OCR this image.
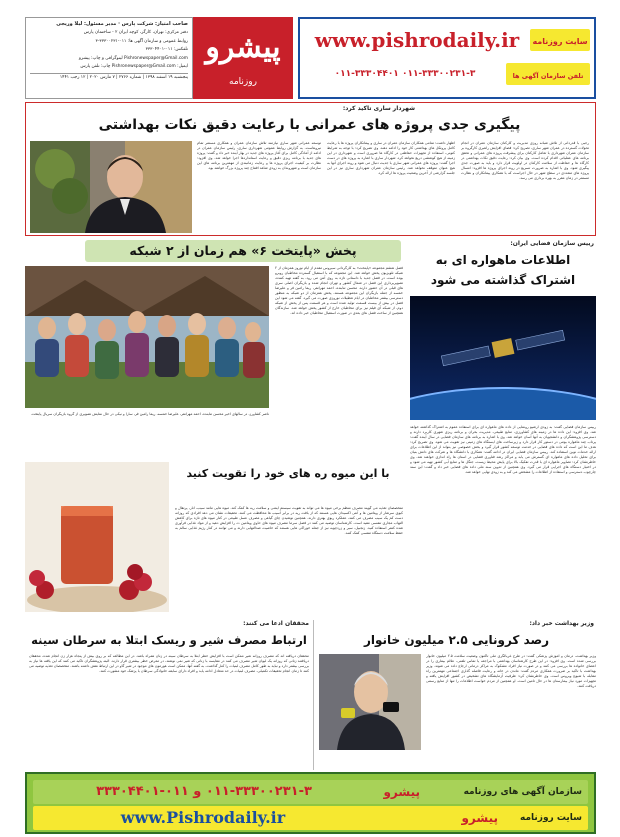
صاحب امتیاز: شرکت پارس · مدیر مسئول: لیلا وریجی
دفتر مرکزی: تهران، کارگر، کوچه ایران ۲ - ساختمان پارس
روابط عمومی و سازمان آگهی ها: ۰۱۱-۳۳۳۰۰۲۳۱-۳
تلفکس: ۰۱۱-۳۳۳۰۴۴۰۱
Pishronewspaper@Gmail.com لیتوگرافی و چاپ: پیشرو
ایمیل: Pishronewspaper@Gmail.com چاپ: تلفن پارس
پنجشنبه ۱۹ اسفند ۱۳۹۸ | شماره ۲۷۶۶ | ۷ مارس ۲۰۲۰ | ۱۲ رجب ۱۴۴۱
پیشرو
روزنامه
سایت روزنامه
www.pishrodaily.ir
تلفن سازمان آگهی ها
۰۱۱-۳۳۳۰۰۲۳۱-۳ ۰۱۱-۳۳۳۰۴۴۰۱
شهردار ساری تاکید کرد:
پیگیری جدی پروژه های عمرانی با رعایت دقیق نکات بهداشتی
رجبی با قدردانی از تلاش شبانه روزی مدیریت و کارکنان سازمان عمران در انجام تحولات گسترده در عمران شهر ساری، تصریح کرد: فضای افزایش راهبری کارگروه بر سازمان عمران شهرداری با تعامل کارکنان برای پیشرفت پروژه های عمرانی و تحقق برنامه های عملیاتی اقدام کرده است. وی بیان کرد: رعایت دقیق نکات بهداشتی در کارگاه ها و حفاظت از سلامت کارکنان در اولویت قرار دارد و باید به صورت جدی پیگیری شود. وی با اشاره به ضرورت تسریع در روند اجرای پروژه ها افزود: امسال پروژه های متعددی در سطح شهر در حال اجراست که با همکاری پیمانکاران و نظارت مستمر در زمان مقرر به بهره برداری می رسد.
اظهار داشت: تمامی همکاران سازمان عمران در ساری و پیمانکاران پروژه ها با رعایت کامل پروتکل های بهداشتی کار خود را ادامه دهند. وی تصریح کرد: با توجه به شرایط کنونی، استفاده از تجهیزات حفاظتی در کارگاه ها ضروری است و شهرداری در این زمینه از هیچ کوششی دریغ نخواهد کرد. شهردار ساری با اشاره به پروژه های در دست اجرا گفت: پروژه های عمرانی شهر ساری با جدیت دنبال می شود و روند اجرای آنها به هیچ عنوان متوقف نخواهد شد. رئیس سازمان عمران شهرداری ساری نیز در این جلسه گزارشی از آخرین وضعیت پروژه ها ارائه کرد.
توسعه عمرانی شهر ساری نیازمند تلاش سازمان عمران و همکاری مستمر تمام نیروهاست. به گزارش روابط عمومی شهرداری ساری، رئیس سازمان عمران در ادامه از آمادگی کامل برای آغاز پروژه های جدید در بهار آینده خبر داد و گفت: پروژه های جدید با برنامه ریزی دقیق و رعایت استانداردها اجرا خواهد شد. وی افزود: نظارت بر کیفیت اجرای پروژه ها و رعایت زمانبندی از مهمترین برنامه های این سازمان است و شهروندان به زودی شاهد افتتاح چند پروژه بزرگ خواهند بود.
پخش «پایتخت ۶» هم زمان از ۲ شبکه
فصل ششم مجموعه «پایتخت» به کارگردانی سیروس مقدم از ایام نوروز همزمان از ۲ شبکه تلویزیون پخش خواهد شد. این مجموعه که با استقبال گسترده مخاطبان روبرو بوده است، در فصل جدید با داستانی تازه به روی آنتن می رود. به گفته تهیه کننده، تصویربرداری این فصل در شمال کشور و تهران انجام شده و بازیگران اصلی سری های قبلی در آن حضور دارند. محسن تنابنده، احمد مهرانفر، ریما رامین فر و علیرضا خمسه از جمله بازیگران این مجموعه هستند. پخش همزمان از دو شبکه به منظور دسترسی بیشتر مخاطبان در ایام تعطیلات نوروزی صورت می گیرد. گفته می شود این فصل در بیش از بیست قسمت تولید شده است و هر قسمت پس از پخش از شبکه دوم، از شبکه آی فیلم نیز برای مخاطبان خارج از کشور پخش خواهد شد. سازندگان همچنین از ساخت فصل های بعدی در صورت استقبال مخاطبان خبر داده اند.
ناصر کشاورز، در سالهای اخیر محسن تنابنده، احمد مهرانفر، علیرضا خمسه، ریما رامین فر، سارا و نیکی در حال نمایش تصویری از گروه بازیگران سریال پایتخت
رییس سازمان فضایی ایران:
اطلاعات ماهواره ای به اشتراک گذاشته می شود
رییس سازمان فضایی گفت: به زودی آرشیو رونمایی از داده های ماهواره ای برای استفاده عموم به اشتراک گذاشته خواهد شد. وی افزود: این داده ها در زمینه های کشاورزی، منابع طبیعی، مدیریت بحران و برنامه ریزی شهری کاربرد دارند و دسترسی پژوهشگران و دانشجویان به آنها آسان خواهد شد. وی با اشاره به برنامه های سازمان فضایی در سال آینده گفت: پرتاب چند ماهواره بومی در دستور کار قرار دارد و زیرساخت های ایستگاه های زمینی نیز تقویت می شود. وی تصریح کرد: هدف ما این است که داده های فضایی در خدمت توسعه کشور قرار گیرد و بخش خصوصی نیز بتواند از این اطلاعات برای ارائه خدمات نوین استفاده کند. رییس سازمان فضایی ایران در ادامه گفت: همکاری با دانشگاه ها و شرکت های دانش بنیان برای تحلیل داده های ماهواره ای گسترش می یابد و مراکز رشد فناوری فضایی در استان ها راه اندازی خواهند شد. وی خاطرنشان کرد: تصاویر ماهواره ای با قدرت تفکیک بالا برای پایش محیط زیست، جنگل ها و منابع آبی کشور تهیه می شود و در اختیار دستگاه های اجرایی قرار می گیرد. وی همچنین از تدوین سند ملی داده های فضایی خبر داد و گفت: این سند چارچوب دسترسی و استفاده از اطلاعات را مشخص می کند و به زودی نهایی خواهد شد.
با این میوه ره های خود را تقویت کنید
متخصصان تغذیه می گویند مصرف منظم برخی میوه ها می تواند به تقویت سیستم ایمنی و سلامت ریه ها کمک کند. میوه هایی مانند سیب، انار، پرتقال و کیوی سرشار از ویتامین ها و آنتی اکسیدان هایی هستند که از بافت ریه در برابر آسیب ها محافظت می کنند. تحقیقات نشان می دهد افرادی که روزانه دست کم یک سیب مصرف می کنند، عملکرد ریوی بهتری دارند. همچنین نوشیدن چای گیاهی و مصرف عسل طبیعی در کنار میوه های تازه برای کاهش التهاب مجاری تنفسی مفید است. کارشناسان توصیه می کنند در فصل سرما مصرف میوه های حاوی ویتامین ث را افزایش دهید و از مواد غذایی فرآوری شده کمتر استفاده کنید. زنجبیل، سیر و زردچوبه نیز از جمله خوراکی هایی هستند که خاصیت ضدالتهابی دارند و می توانند در کنار رژیم غذایی سالم به حفظ سلامت دستگاه تنفسی کمک کنند.
وزیر بهداشت خبر داد:
رصد کرونایی ۲.۵ میلیون خانوار
وزیر بهداشت، درمان و آموزش پزشکی گفت: در طرح غربالگری ملی تاکنون وضعیت سلامت ۲.۵ میلیون خانوار بررسی شده است. وی افزود: در این طرح کارشناسان بهداشتی با مراجعه یا تماس تلفنی، علائم بیماری را در اعضای خانواده ها بررسی می کنند و در صورت نیاز افراد مشکوک به مراکز درمانی ارجاع داده می شوند. وزیر بهداشت با تاکید بر ضرورت همکاری مردم گفت: ماندن در خانه و رعایت فاصله گذاری اجتماعی مهمترین راه مقابله با شیوع ویروس است. وی خاطرنشان کرد: ظرفیت آزمایشگاه های تشخیص در کشور افزایش یافته و تجهیزات مورد نیاز بیمارستان ها در حال تامین است. او همچنین از مردم خواست اطلاعات را تنها از منابع رسمی دریافت کنند.
محققان ادعا می کنند:
ارتباط مصرف شیر و ریسک ابتلا به سرطان سینه
محققان دریافته اند که مصرف روزانه شیر ممکن است با افزایش خطر ابتلا به سرطان سینه در زنان همراه باشد. در این مطالعه که بر روی بیش از پنجاه هزار زن انجام شده، محققان دریافتند زنانی که روزانه یک لیوان شیر مصرف می کنند در مقایسه با زنانی که شیر نمی نوشند، در معرض خطر بیشتری قرار دارند. البته پژوهشگران تاکید می کنند که این یافته ها نیاز به بررسی بیشتر دارد و نباید به طور کامل مصرف لبنیات را کنار گذاشت. به گفته آنها، ممکن است هورمون های موجود در شیر گاو در این ارتباط نقش داشته باشند. متخصصان تغذیه توصیه می کنند تا زمان انجام تحقیقات تکمیلی، مصرف لبنیات در حد متعادل ادامه یابد و افراد دارای سابقه خانوادگی سرطان با پزشک خود مشورت کنند.
۰۱۱-۳۳۳۰۰۲۳۱-۳ و ۰۱۱-۳۳۳۰۴۴۰۱	پیشرو	سازمان آگهی های روزنامه
www.Pishrodaily.ir	پیشرو سایت روزنامه
